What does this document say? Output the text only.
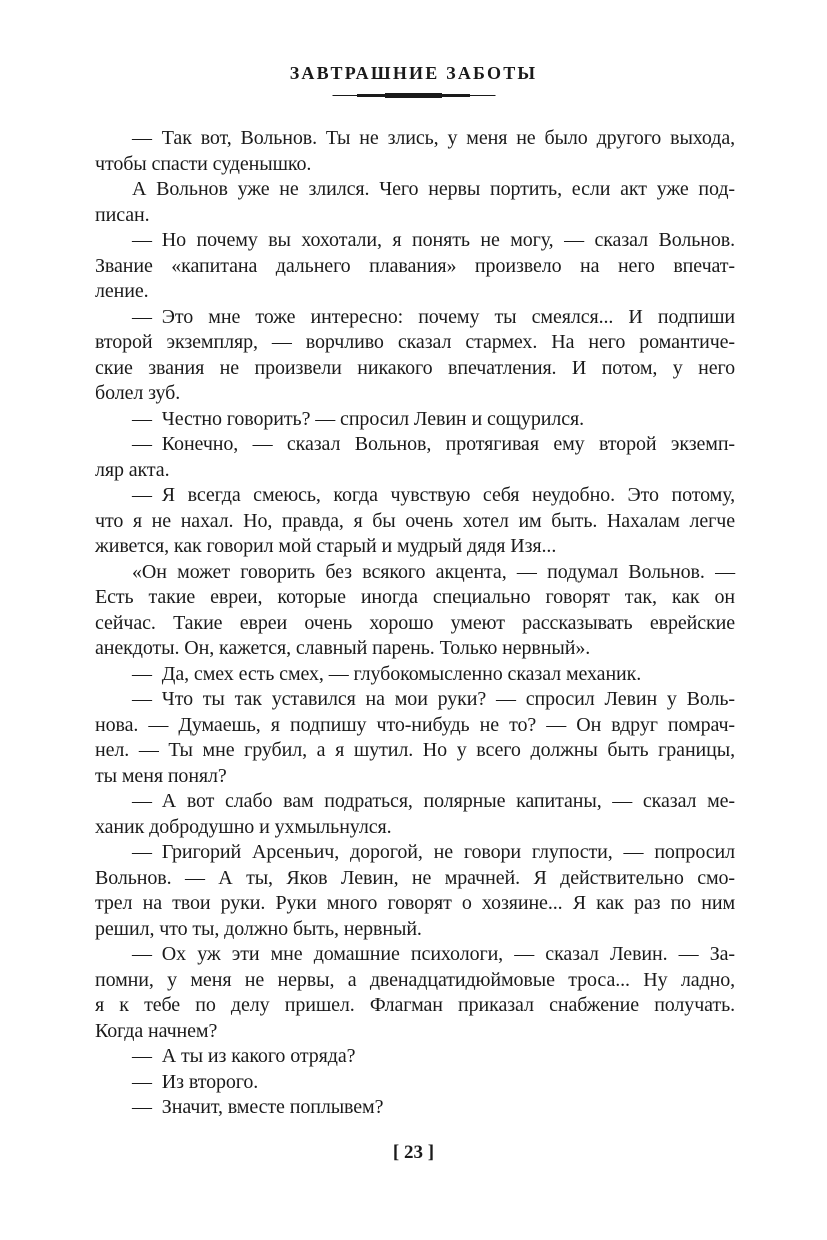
ЗАВТРАШНИЕ ЗАБОТЫ
— Так вот, Вольнов. Ты не злись, у меня не было другого выхода,
чтобы спасти суденышко.
А Вольнов уже не злился. Чего нервы портить, если акт уже под-
писан.
— Но почему вы хохотали, я понять не могу, — сказал Вольнов.
Звание «капитана дальнего плавания» произвело на него впечат-
ление.
— Это мне тоже интересно: почему ты смеялся... И подпиши
второй экземпляр, — ворчливо сказал стармех. На него романтиче-
ские звания не произвели никакого впечатления. И потом, у него
болел зуб.
— Честно говорить? — спросил Левин и сощурился.
— Конечно, — сказал Вольнов, протягивая ему второй экземп-
ляр акта.
— Я всегда смеюсь, когда чувствую себя неудобно. Это потому,
что я не нахал. Но, правда, я бы очень хотел им быть. Нахалам легче
живется, как говорил мой старый и мудрый дядя Изя...
«Он может говорить без всякого акцента, — подумал Вольнов. —
Есть такие евреи, которые иногда специально говорят так, как он
сейчас. Такие евреи очень хорошо умеют рассказывать еврейские
анекдоты. Он, кажется, славный парень. Только нервный».
— Да, смех есть смех, — глубокомысленно сказал механик.
— Что ты так уставился на мои руки? — спросил Левин у Воль-
нова. — Думаешь, я подпишу что-нибудь не то? — Он вдруг помрач-
нел. — Ты мне грубил, а я шутил. Но у всего должны быть границы,
ты меня понял?
— А вот слабо вам подраться, полярные капитаны, — сказал ме-
ханик добродушно и ухмыльнулся.
— Григорий Арсеньич, дорогой, не говори глупости, — попросил
Вольнов. — А ты, Яков Левин, не мрачней. Я действительно смо-
трел на твои руки. Руки много говорят о хозяине... Я как раз по ним
решил, что ты, должно быть, нервный.
— Ох уж эти мне домашние психологи, — сказал Левин. — За-
помни, у меня не нервы, а двенадцатидюймовые троса... Ну ладно,
я к тебе по делу пришел. Флагман приказал снабжение получать.
Когда начнем?
— А ты из какого отряда?
— Из второго.
— Значит, вместе поплывем?
[ 23 ]
